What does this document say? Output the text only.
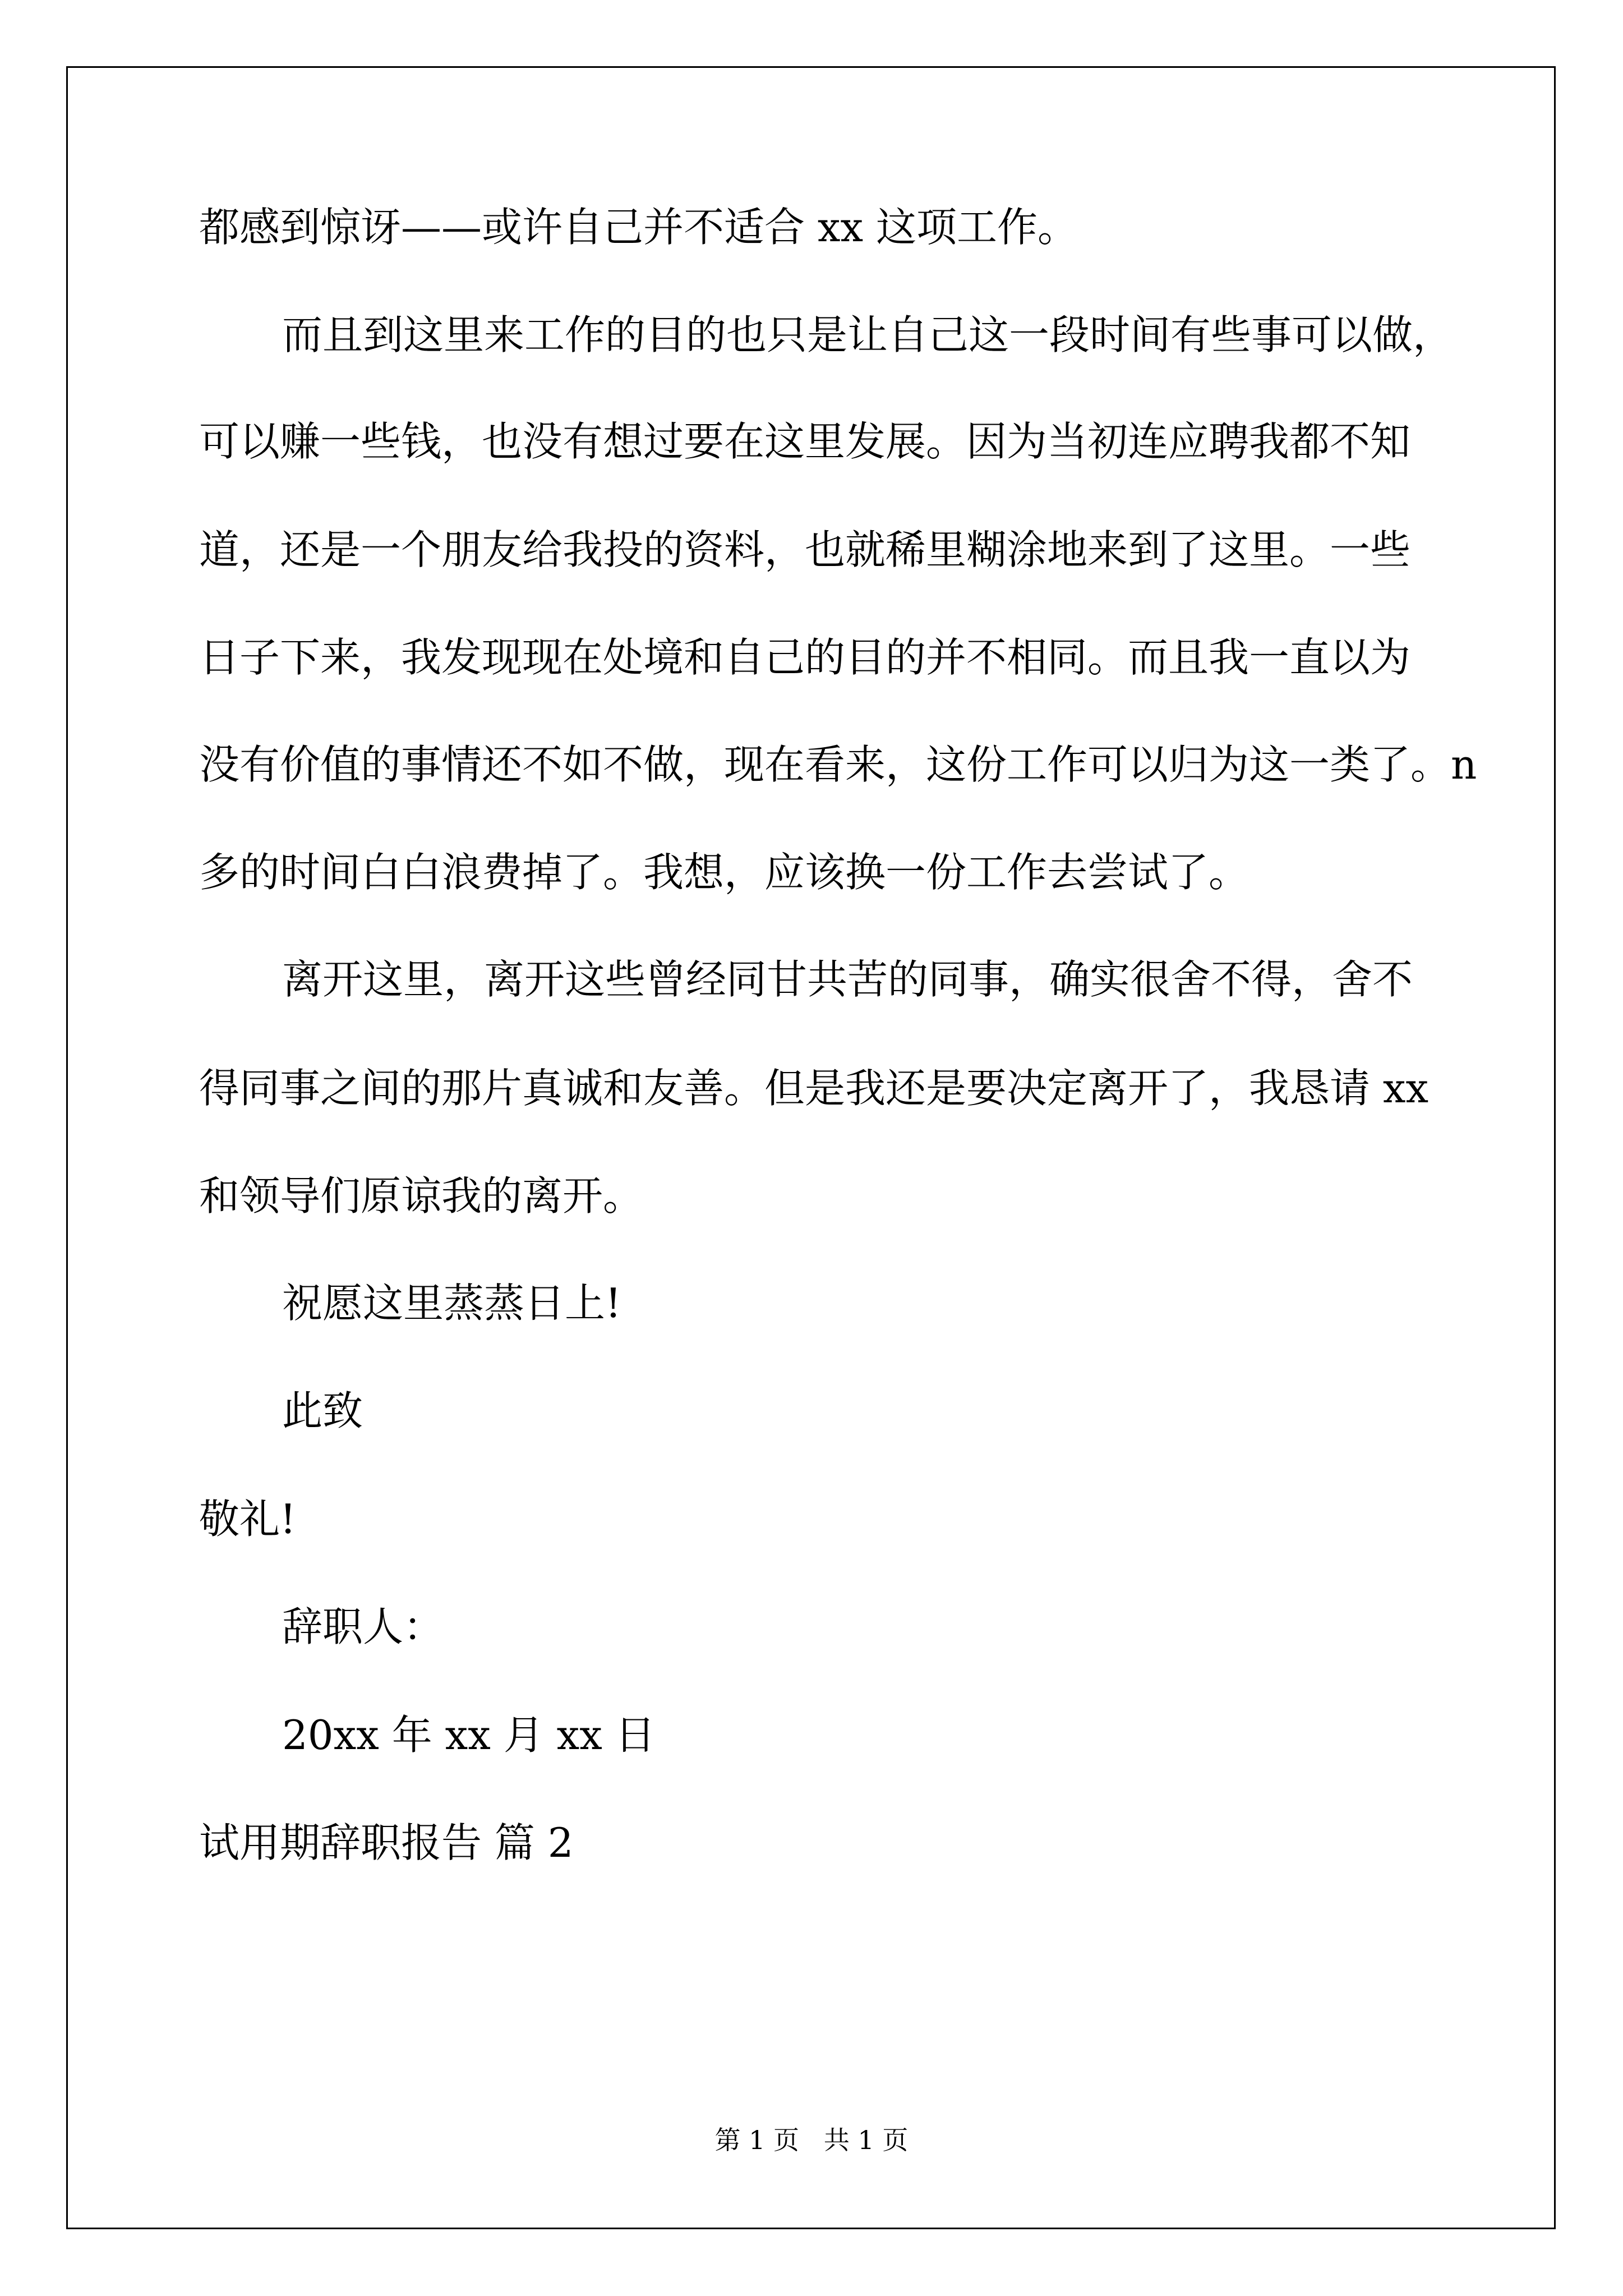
都感到惊讶——或许自己并不适合 xx 这项工作。
而且到这里来工作的目的也只是让自己这一段时间有些事可以做，
可以赚一些钱，也没有想过要在这里发展。因为当初连应聘我都不知
道，还是一个朋友给我投的资料，也就稀里糊涂地来到了这里。一些
日子下来，我发现现在处境和自己的目的并不相同。而且我一直以为
没有价值的事情还不如不做，现在看来，这份工作可以归为这一类了。n
多的时间白白浪费掉了。我想，应该换一份工作去尝试了。
离开这里，离开这些曾经同甘共苦的同事，确实很舍不得，舍不
得同事之间的那片真诚和友善。但是我还是要决定离开了，我恳请 xx
和领导们原谅我的离开。
祝愿这里蒸蒸日上!
此致
敬礼!
辞职人：
20xx 年 xx 月 xx 日
试用期辞职报告 篇 2
第 1 页   共 1 页
